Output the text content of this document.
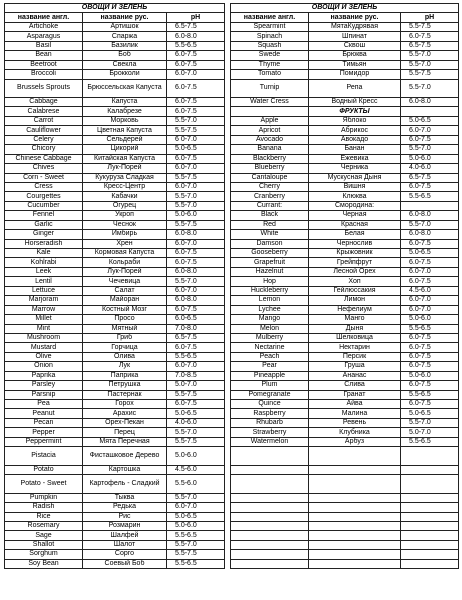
ОВОЩИ И ЗЕЛЕНЬ				ОВОЩИ И ЗЕЛЕНЬ		
название англ.	название рус.	pH		название англ.	название рус.	pH
Artichoke	Артишок	6.5-7.5		Spearmint	МятаКудрявая	5.5-7.5
Asparagus	Спаржа	6.0-8.0		Spinach	Шпинат	6.0-7.5
Basil	Базилик	5.5-6.5		Squash	Сквош	6.5-7.5
Bean	Боб	6.0-7.5		Swede	Брюква	5.5-7.0
Beetroot	Свекла	6.0-7.5		Thyme	Тимьян	5.5-7.0
Broccoli	Брокколи	6.0-7.0		Tomato	Помидор	5.5-7.5
Brussels Sprouts	Брюссельская Капуста	6.0-7.5		Turnip	Репа	5.5-7.0
Cabbage	Капуста	6.0-7.5		Water Cress	Водный Кресс	6.0-8.0
Calabrese	Калабрезе	6.0-7.5			ФРУКТЫ	
Carrot	Морковь	5.5-7.0		Apple	Яблоко	5.0-6.5
Cauliflower	Цветная Капуста	5.5-7.5		Apricot	Абрикос	6.0-7.0
Celery	Сельдерей	6 0-7.0		Avocado	Авокадо	6.0-7.5
Chicory	Цикорий	5.0-6.5		Banana	Банан	5.5-7.0
Chinese Cabbage	Китайская Капуста	6.0-7.5		Blackberry	Ежевика	5.0-6.0
Chives	Лук-Порей	6.0-7.0		Blueberry	Черника	4.0-6.0
Corn - Sweet	Кукуруза Сладкая	5.5-7.5		Cantaloupe	Мускусная Дыня	6.5-7.5
Cress	Кресс-Центр	6.0-7.0		Cherry	Вишня	6.0-7.5
Courgettes	Кабачки	5.5-7.0		Cranberry	Клюква	5.5-6.5
Cucumber	Огурец	5.5-7.0		Currant:	Смородина:	
Fennel	Укроп	5.0-6.0		Black	Черная	6.0-8.0
Garlic	Чеснок	5.5-7.5		Red	Красная	5.5-7.0
Ginger	Имбирь	6.0-8.0		White	Белая	6.0-8.0
Horseradish	Хрен	6.0-7.0		Damson	Чернослив	6.0-7.5
Kale	Кормовая Капуста	6.0-7.5		Gooseberry	Крыжовник	5.0-6.5
Kohlrabi	Кольраби	6.0-7.5		Grapefruit	Грейпфрут	6.0-7.5
Leek	Лук-Порей	6.0-8.0		Hazelnut	Лесной Орех	6.0-7.0
Lentil	Чечевица	5.5-7.0		Hop	Хоп	6.0-7.5
Lettuce	Салат	6.0-7.0		Huckleberry	Гейлюссакия	4.5-6.0
Marjoram	Майоран	6.0-8.0		Lemon	Лимон	6.0-7.0
Marrow	Костный Мозг	6.0-7.5		Lychee	Нефелиум	6.0-7.0
Millet	Просо	6.0-6.5		Mango	Манго	5.0-6.0
Mint	Мятный	7.0-8.0		Melon	Дыня	5.5-6.5
Mushroom	Гриб	6.5-7.5		Mulberry	Шелковица	6.0-7.5
Mustard	Горчица	6.0-7.5		Nectarine	Нектарин	6.0-7.5
Olive	Олива	5.5-6.5		Peach	Персик	6.0-7.5
Onion	Лук	6.0-7.0		Pear	Груша	6.0-7.5
Paprika	Паприка	7.0-8.5		Pineapple	Ананас	5.0-6.0
Parsley	Петрушка	5.0-7.0		Plum	Слива	6.0-7.5
Parsnip	Пастернак	5.5-7.5		Pomegranate	Гранат	5.5-6.5
Pea	Горох	6.0-7.5		Quince	Айва	6.0-7.5
Peanut	Арахис	5.0-6.5		Raspberry	Малина	5.0-6.5
Pecan	Орех-Пекан	4.0-6.0		Rhubarb	Ревень	5.5-7.0
Pepper	Перец	5.5-7.0		Strawberry	Клубника	5.0-7.0
Peppermint	Мята Перечная	5.5-7.5		Watermelon	Арбуз	5.5-6.5
Pistacia	Фисташковое Дерево	5.0-6.0				
Potato	Картошка	4.5-6.0				
Potato - Sweet	Картофель - Сладкий	5.5-6.0				
Pumpkin	Тыква	5.5-7.0				
Radish	Редька	6.0-7.0				
Rice	Рис	5.0-6.5				
Rosemary	Розмарин	5.0-6.0				
Sage	Шалфей	5.5-6.5				
Shallot	Шалот	5.5-7.0				
Sorghum	Сорго	5.5-7.5				
Soy Bean	Соевый Боб	5.5-6.5				
